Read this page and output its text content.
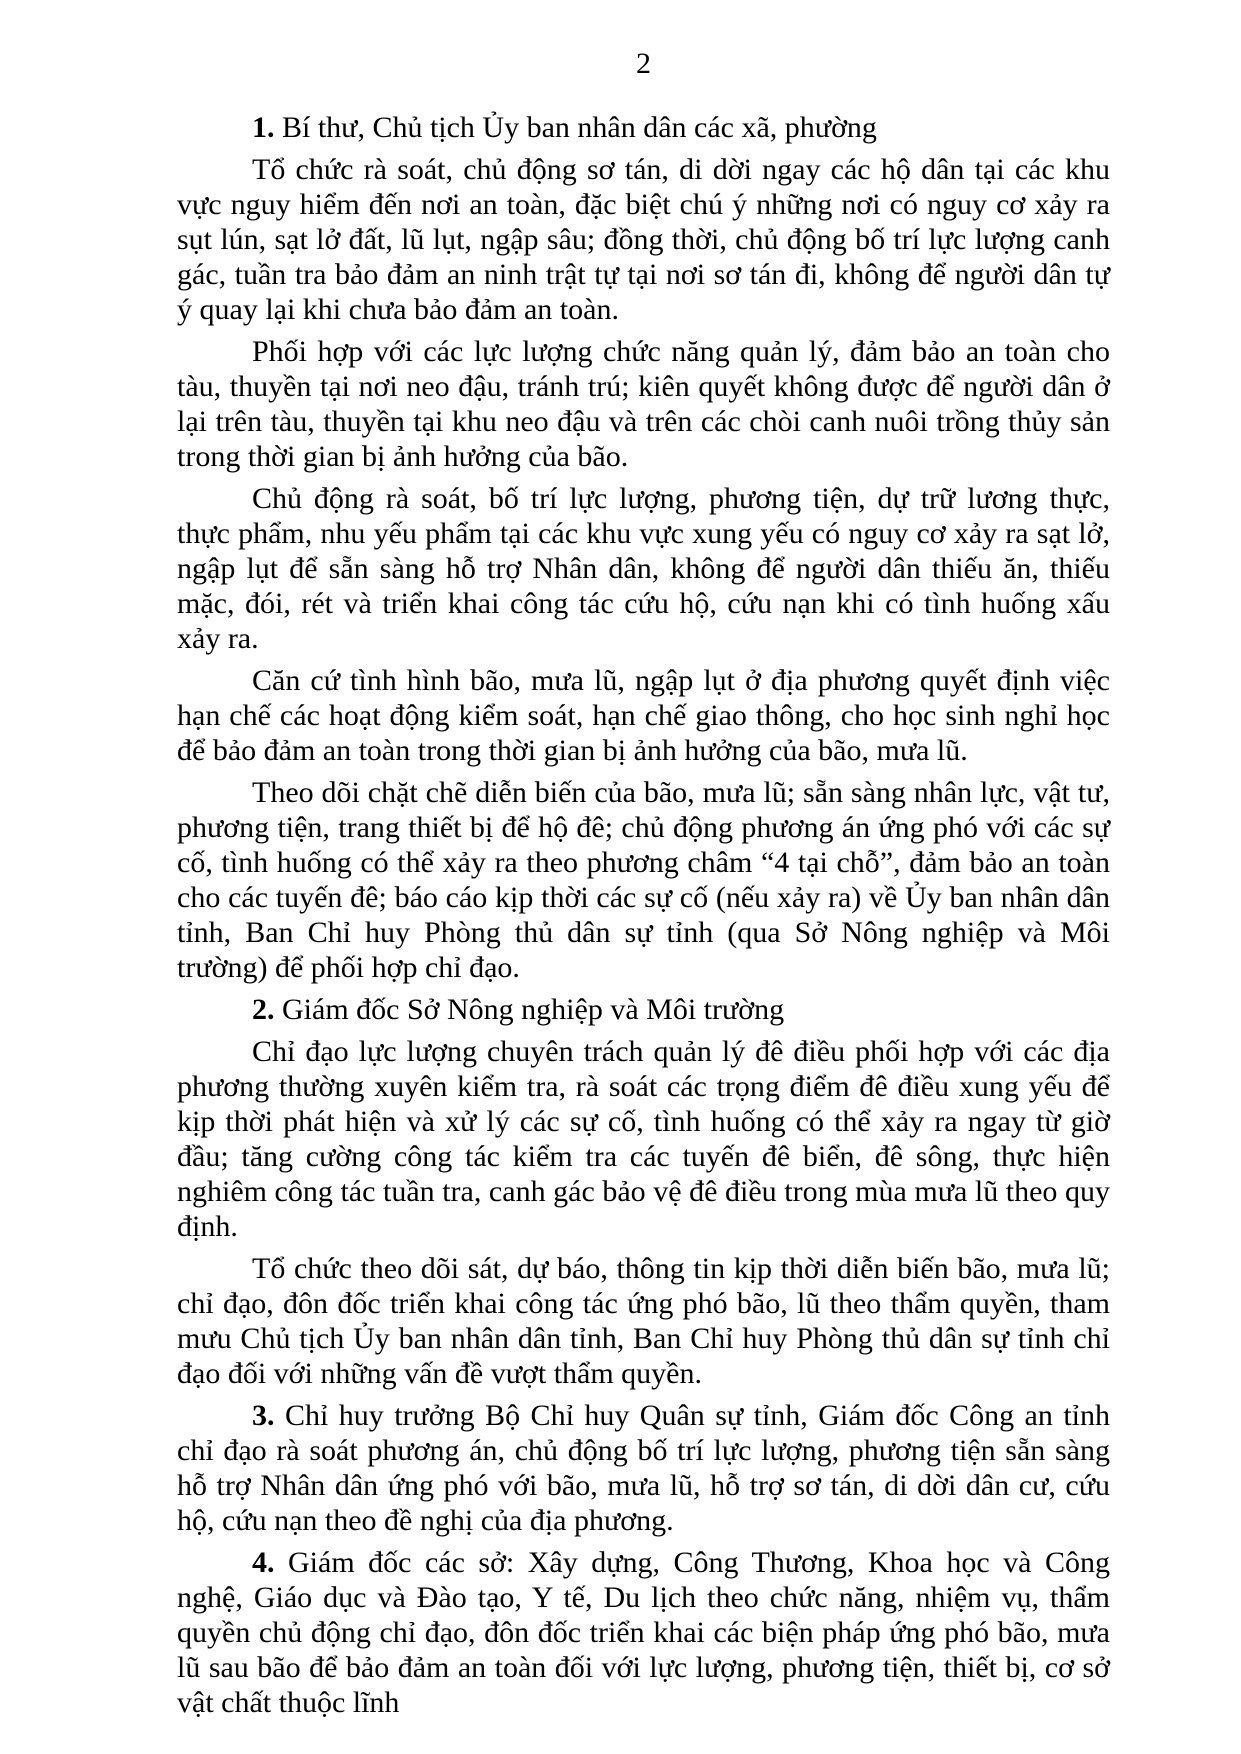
2

1. Bí thư, Chủ tịch Ủy ban nhân dân các xã, phường

Tổ chức rà soát, chủ động sơ tán, di dời ngay các hộ dân tại các khu vực nguy hiểm đến nơi an toàn, đặc biệt chú ý những nơi có nguy cơ xảy ra sụt lún, sạt lở đất, lũ lụt, ngập sâu; đồng thời, chủ động bố trí lực lượng canh gác, tuần tra bảo đảm an ninh trật tự tại nơi sơ tán đi, không để người dân tự ý quay lại khi chưa bảo đảm an toàn.

Phối hợp với các lực lượng chức năng quản lý, đảm bảo an toàn cho tàu, thuyền tại nơi neo đậu, tránh trú; kiên quyết không được để người dân ở lại trên tàu, thuyền tại khu neo đậu và trên các chòi canh nuôi trồng thủy sản trong thời gian bị ảnh hưởng của bão.

Chủ động rà soát, bố trí lực lượng, phương tiện, dự trữ lương thực, thực phẩm, nhu yếu phẩm tại các khu vực xung yếu có nguy cơ xảy ra sạt lở, ngập lụt để sẵn sàng hỗ trợ Nhân dân, không để người dân thiếu ăn, thiếu mặc, đói, rét và triển khai công tác cứu hộ, cứu nạn khi có tình huống xấu xảy ra.

Căn cứ tình hình bão, mưa lũ, ngập lụt ở địa phương quyết định việc hạn chế các hoạt động kiểm soát, hạn chế giao thông, cho học sinh nghỉ học để bảo đảm an toàn trong thời gian bị ảnh hưởng của bão, mưa lũ.

Theo dõi chặt chẽ diễn biến của bão, mưa lũ; sẵn sàng nhân lực, vật tư, phương tiện, trang thiết bị để hộ đê; chủ động phương án ứng phó với các sự cố, tình huống có thể xảy ra theo phương châm “4 tại chỗ”, đảm bảo an toàn cho các tuyến đê; báo cáo kịp thời các sự cố (nếu xảy ra) về Ủy ban nhân dân tỉnh, Ban Chỉ huy Phòng thủ dân sự tỉnh (qua Sở Nông nghiệp và Môi trường) để phối hợp chỉ đạo.

2. Giám đốc Sở Nông nghiệp và Môi trường

Chỉ đạo lực lượng chuyên trách quản lý đê điều phối hợp với các địa phương thường xuyên kiểm tra, rà soát các trọng điểm đê điều xung yếu để kịp thời phát hiện và xử lý các sự cố, tình huống có thể xảy ra ngay từ giờ đầu; tăng cường công tác kiểm tra các tuyến đê biển, đê sông, thực hiện nghiêm công tác tuần tra, canh gác bảo vệ đê điều trong mùa mưa lũ theo quy định.

Tổ chức theo dõi sát, dự báo, thông tin kịp thời diễn biến bão, mưa lũ; chỉ đạo, đôn đốc triển khai công tác ứng phó bão, lũ theo thẩm quyền, tham mưu Chủ tịch Ủy ban nhân dân tỉnh, Ban Chỉ huy Phòng thủ dân sự tỉnh chỉ đạo đối với những vấn đề vượt thẩm quyền.

3. Chỉ huy trưởng Bộ Chỉ huy Quân sự tỉnh, Giám đốc Công an tỉnh chỉ đạo rà soát phương án, chủ động bố trí lực lượng, phương tiện sẵn sàng hỗ trợ Nhân dân ứng phó với bão, mưa lũ, hỗ trợ sơ tán, di dời dân cư, cứu hộ, cứu nạn theo đề nghị của địa phương.

4. Giám đốc các sở: Xây dựng, Công Thương, Khoa học và Công nghệ, Giáo dục và Đào tạo, Y tế, Du lịch theo chức năng, nhiệm vụ, thẩm quyền chủ động chỉ đạo, đôn đốc triển khai các biện pháp ứng phó bão, mưa lũ sau bão để bảo đảm an toàn đối với lực lượng, phương tiện, thiết bị, cơ sở vật chất thuộc lĩnh
